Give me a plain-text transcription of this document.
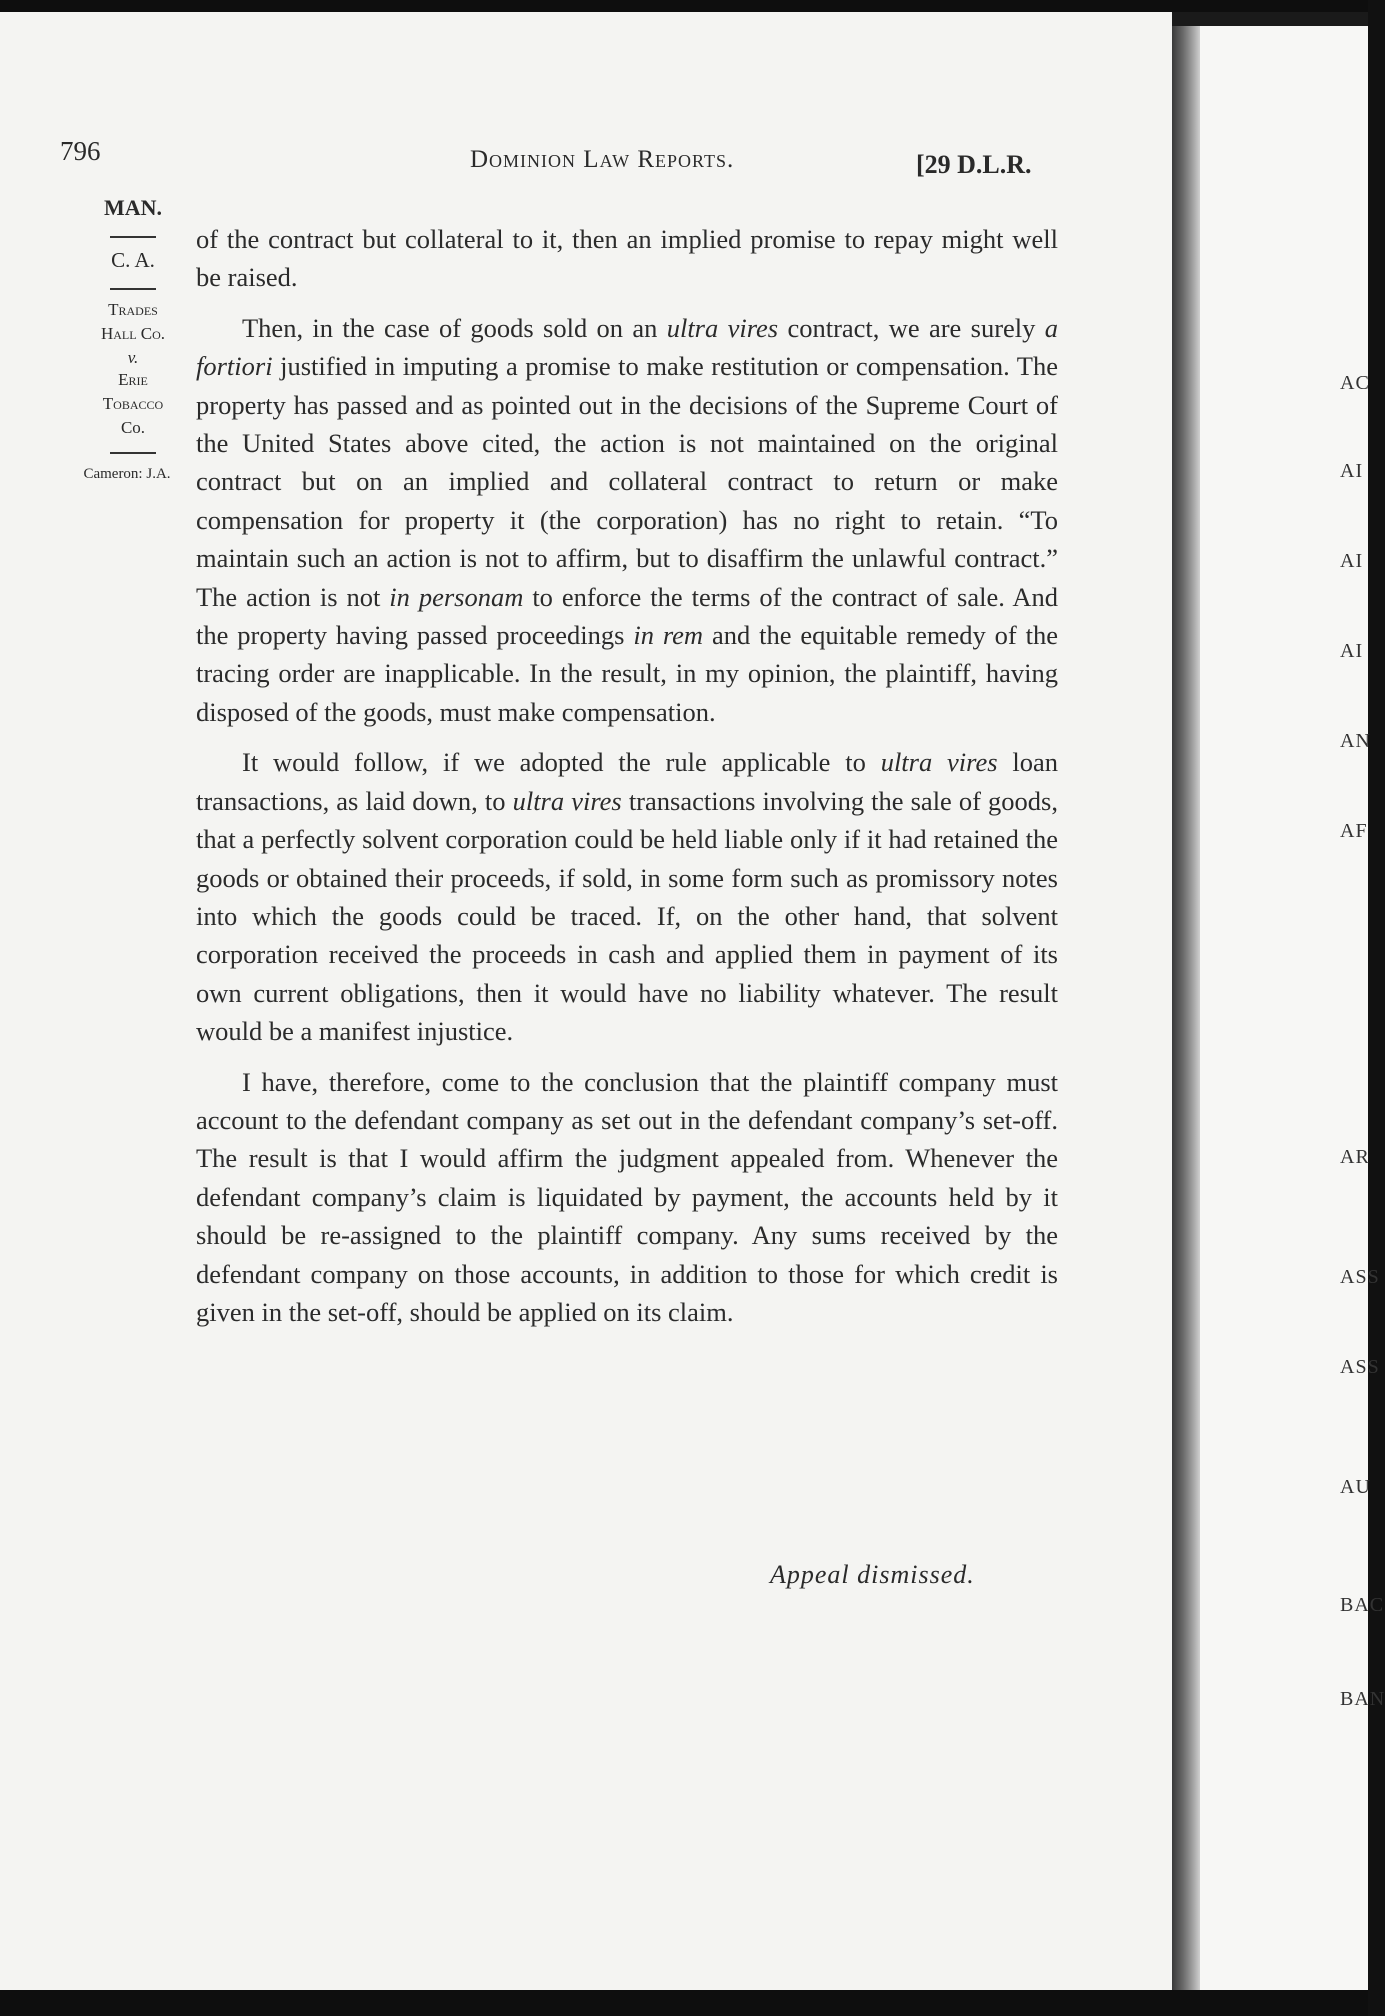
796	Dominion Law Reports.	[29 D.L.R.
MAN.
C. A.
Trades
Hall Co.
v.
Erie
Tobacco
Co.
Cameron: J.A.

of the contract but collateral to it, then an implied promise to repay might well be raised.

Then, in the case of goods sold on an ultra vires contract, we are surely a fortiori justified in imputing a promise to make restitution or compensation. The property has passed and as pointed out in the decisions of the Supreme Court of the United States above cited, the action is not maintained on the original contract but on an implied and collateral contract to return or make compensation for property it (the corporation) has no right to retain. “To maintain such an action is not to affirm, but to disaffirm the unlawful contract.” The action is not in personam to enforce the terms of the contract of sale. And the property having passed proceedings in rem and the equitable remedy of the tracing order are inapplicable. In the result, in my opinion, the plaintiff, having disposed of the goods, must make compensation.

It would follow, if we adopted the rule applicable to ultra vires loan transactions, as laid down, to ultra vires transactions involving the sale of goods, that a perfectly solvent corporation could be held liable only if it had retained the goods or obtained their proceeds, if sold, in some form such as promissory notes into which the goods could be traced. If, on the other hand, that solvent corporation received the proceeds in cash and applied them in payment of its own current obligations, then it would have no liability whatever. The result would be a manifest injustice.

I have, therefore, come to the conclusion that the plaintiff company must account to the defendant company as set out in the defendant company’s set-off. The result is that I would affirm the judgment appealed from. Whenever the defendant company’s claim is liquidated by payment, the accounts held by it should be re-assigned to the plaintiff company. Any sums received by the defendant company on those accounts, in addition to those for which credit is given in the set-off, should be applied on its claim.

Appeal dismissed.
AC
AI
AI
AI
AN
AF
AR
ASS
ASS
AU
BAC
BAN
